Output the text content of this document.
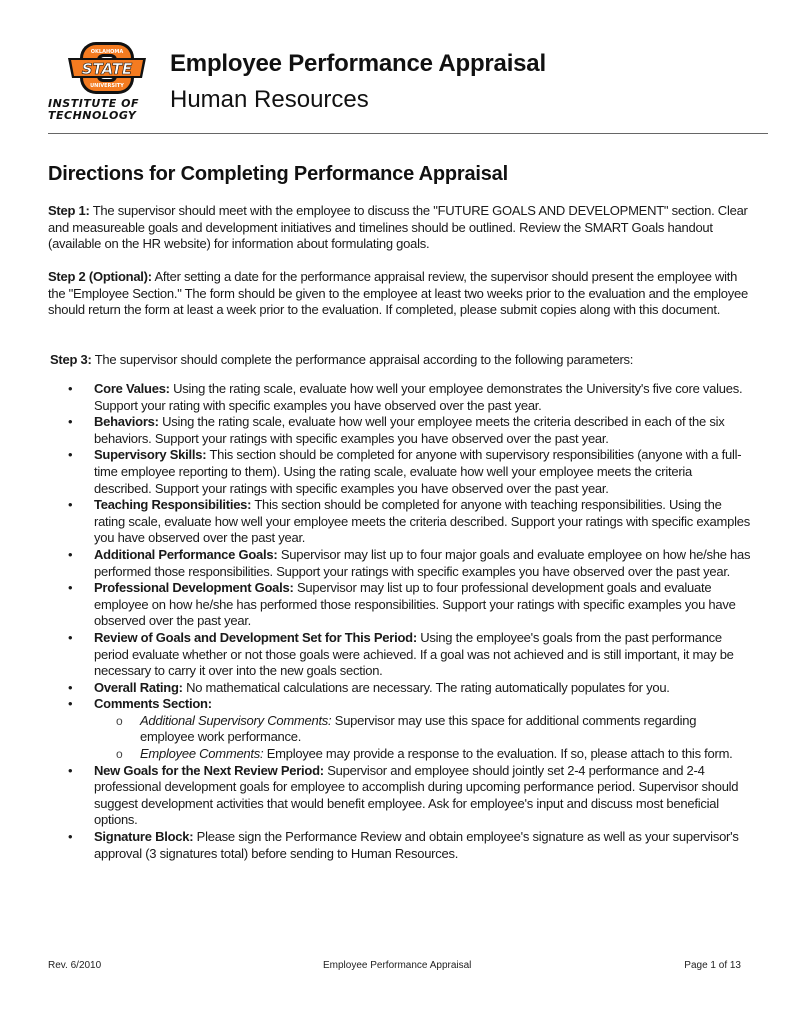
STATE
OKLAHOMA
UNIVERSITY
INSTITUTE OF
TECHNOLOGY
Employee Performance Appraisal
Human Resources
Directions for Completing Performance Appraisal

Step 1: The supervisor should meet with the employee to discuss the "FUTURE GOALS AND DEVELOPMENT" section. Clear and measureable goals and development initiatives and timelines should be outlined. Review the SMART Goals handout (available on the HR website) for information about formulating goals.

Step 2 (Optional): After setting a date for the performance appraisal review, the supervisor should present the employee with the "Employee Section." The form should be given to the employee at least two weeks prior to the evaluation and the employee should return the form at least a week prior to the evaluation. If completed, please submit copies along with this document.

Step 3: The supervisor should complete the performance appraisal according to the following parameters:

• Core Values: Using the rating scale, evaluate how well your employee demonstrates the University's five core values. Support your rating with specific examples you have observed over the past year.
• Behaviors: Using the rating scale, evaluate how well your employee meets the criteria described in each of the six behaviors. Support your ratings with specific examples you have observed over the past year.
• Supervisory Skills: This section should be completed for anyone with supervisory responsibilities (anyone with a full-time employee reporting to them). Using the rating scale, evaluate how well your employee meets the criteria described. Support your ratings with specific examples you have observed over the past year.
• Teaching Responsibilities: This section should be completed for anyone with teaching responsibilities. Using the rating scale, evaluate how well your employee meets the criteria described. Support your ratings with specific examples you have observed over the past year.
• Additional Performance Goals: Supervisor may list up to four major goals and evaluate employee on how he/she has performed those responsibilities. Support your ratings with specific examples you have observed over the past year.
• Professional Development Goals: Supervisor may list up to four professional development goals and evaluate employee on how he/she has performed those responsibilities. Support your ratings with specific examples you have observed over the past year.
• Review of Goals and Development Set for This Period: Using the employee's goals from the past performance period evaluate whether or not those goals were achieved. If a goal was not achieved and is still important, it may be necessary to carry it over into the new goals section.
• Overall Rating: No mathematical calculations are necessary. The rating automatically populates for you.
• Comments Section:
o Additional Supervisory Comments: Supervisor may use this space for additional comments regarding employee work performance.
o Employee Comments: Employee may provide a response to the evaluation. If so, please attach to this form.
• New Goals for the Next Review Period: Supervisor and employee should jointly set 2-4 performance and 2-4 professional development goals for employee to accomplish during upcoming performance period. Supervisor should suggest development activities that would benefit employee. Ask for employee's input and discuss most beneficial options.
• Signature Block: Please sign the Performance Review and obtain employee's signature as well as your supervisor's approval (3 signatures total) before sending to Human Resources.
Rev. 6/2010	Employee Performance Appraisal	Page 1 of 13
